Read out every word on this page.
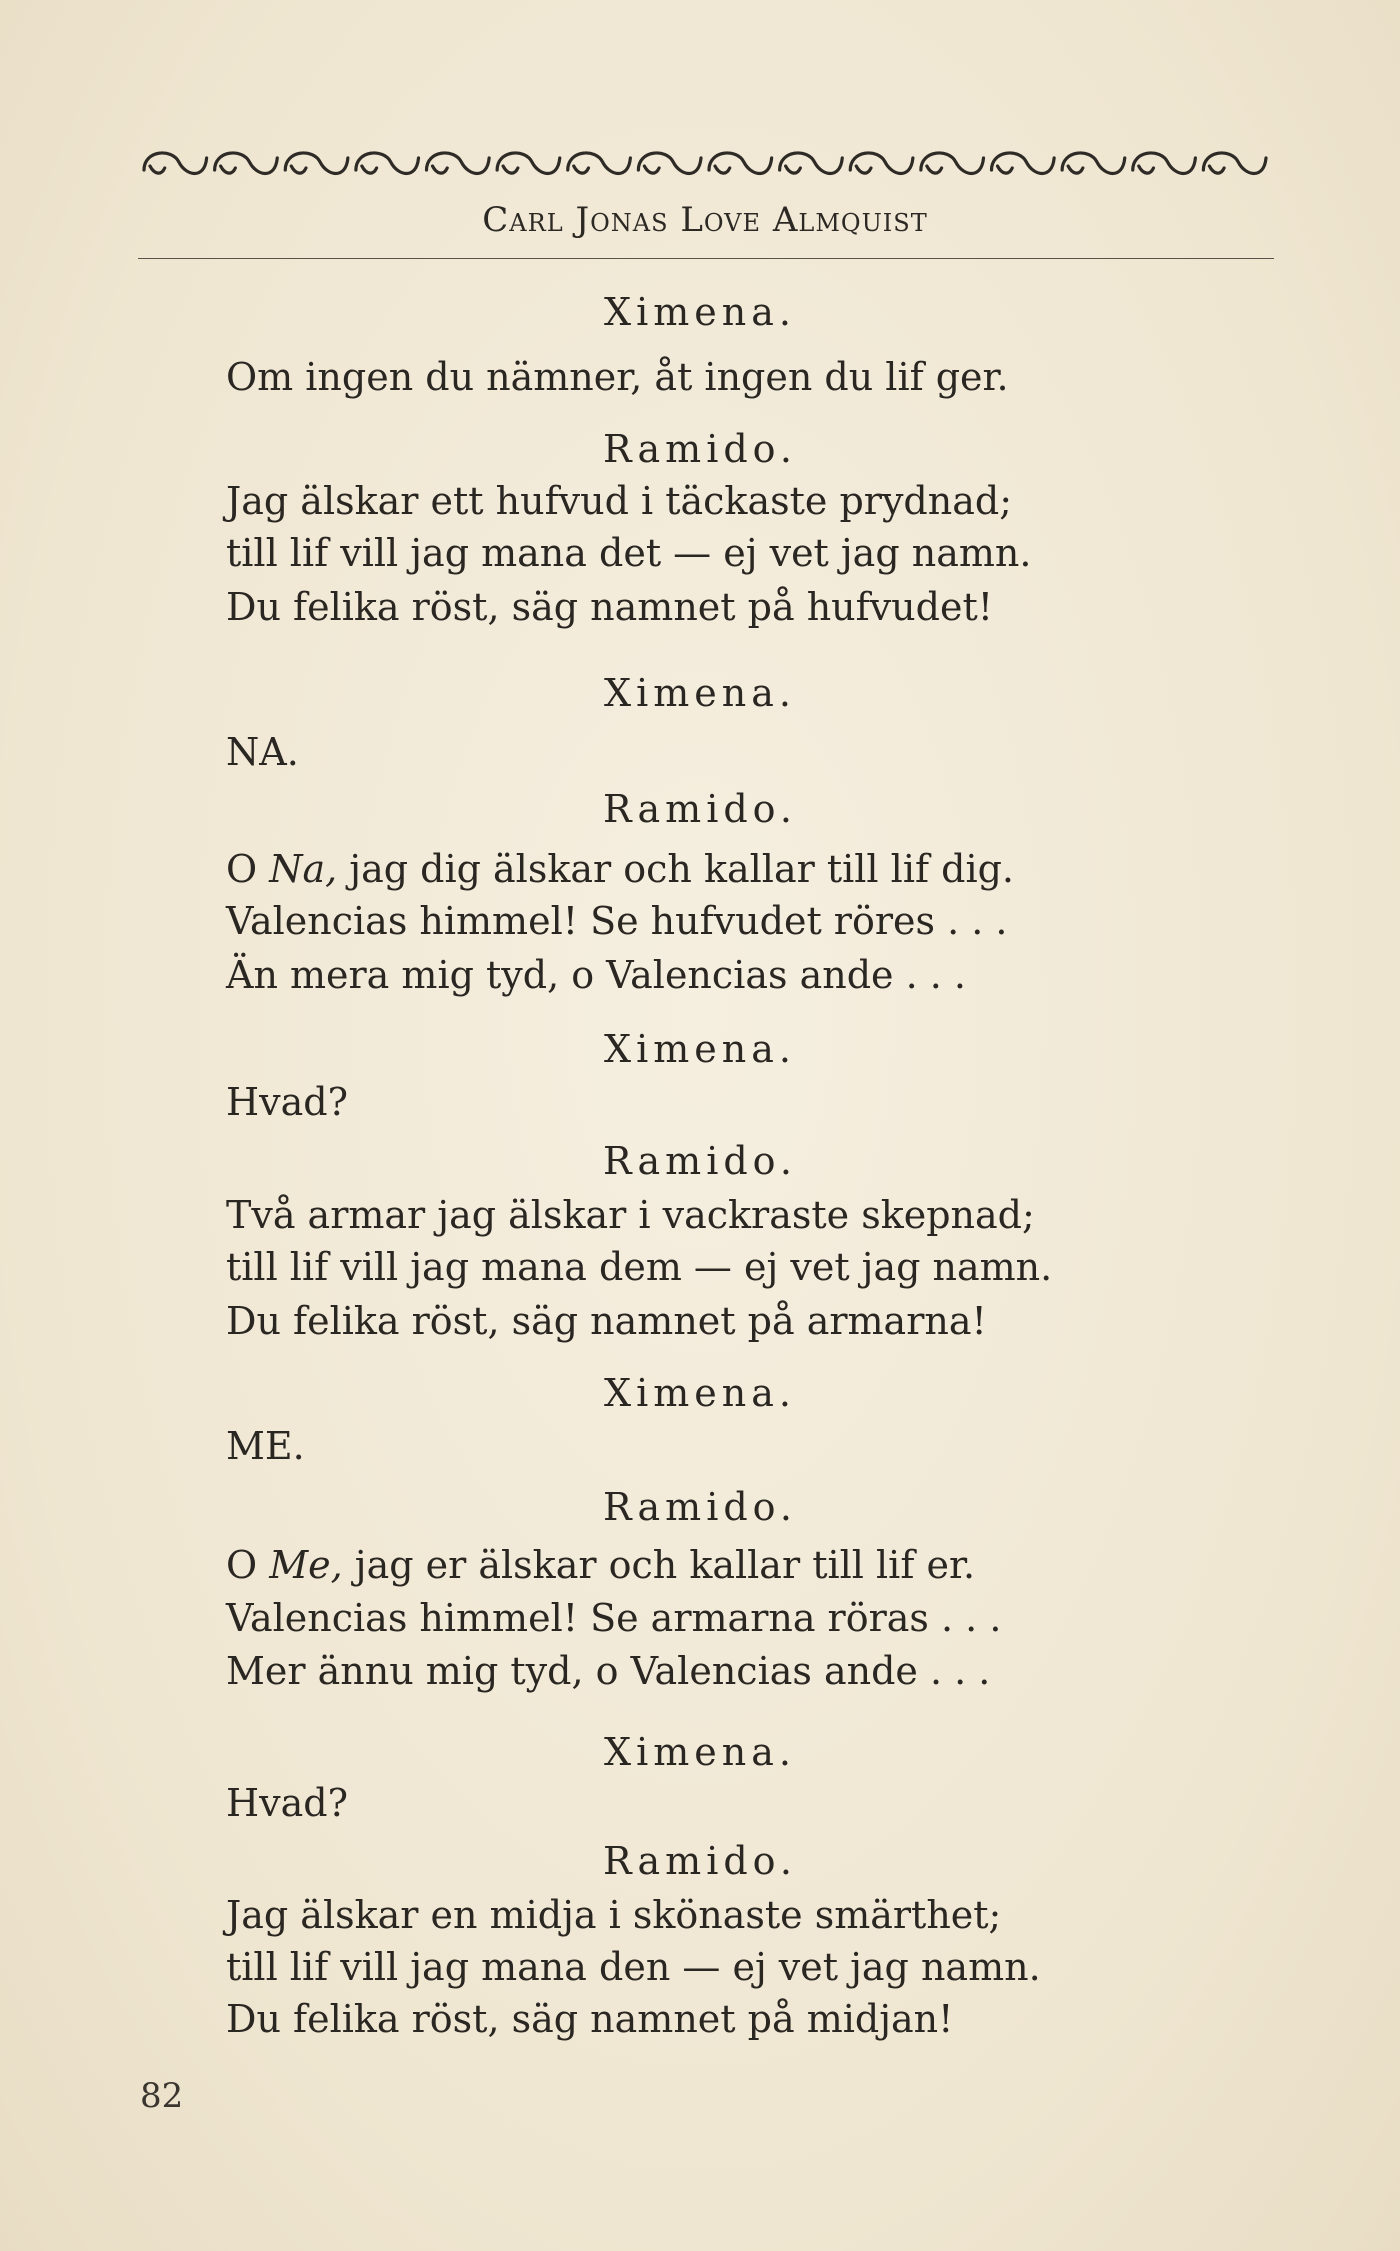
Carl Jonas Love Almquist
Ximena.
Om ingen du nämner, åt ingen du lif ger.
Ramido.
Jag älskar ett hufvud i täckaste prydnad;
till lif vill jag mana det — ej vet jag namn.
Du felika röst, säg namnet på hufvudet!
Ximena.
NA.
Ramido.
O Na, jag dig älskar och kallar till lif dig.
Valencias himmel! Se hufvudet röres . . .
Än mera mig tyd, o Valencias ande . . .
Ximena.
Hvad?
Ramido.
Två armar jag älskar i vackraste skepnad;
till lif vill jag mana dem — ej vet jag namn.
Du felika röst, säg namnet på armarna!
Ximena.
ME.
Ramido.
O Me, jag er älskar och kallar till lif er.
Valencias himmel! Se armarna röras . . .
Mer ännu mig tyd, o Valencias ande . . .
Ximena.
Hvad?
Ramido.
Jag älskar en midja i skönaste smärthet;
till lif vill jag mana den — ej vet jag namn.
Du felika röst, säg namnet på midjan!
82
